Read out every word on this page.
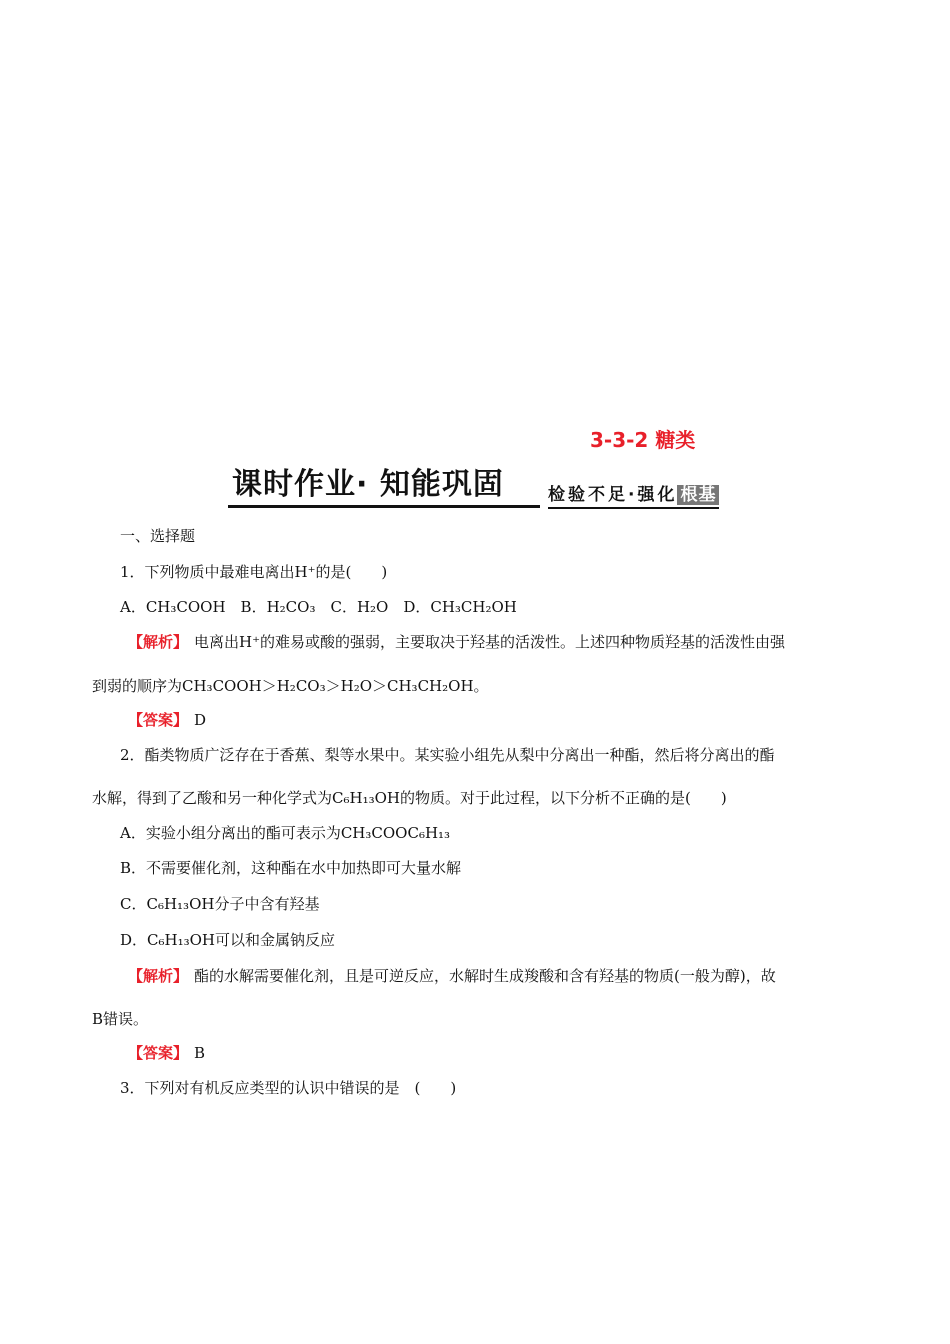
3-3-2 糖类
课时作业· 知能巩固	检验不足·强化 根基
一、选择题
1．下列物质中最难电离出H⁺的是(　　)
A．CH₃COOH　B．H₂CO₃　C．H₂O　D．CH₃CH₂OH
【解析】 电离出H⁺的难易或酸的强弱，主要取决于羟基的活泼性。上述四种物质羟基的活泼性由强
到弱的顺序为CH₃COOH＞H₂CO₃＞H₂O＞CH₃CH₂OH。
【答案】 D
2．酯类物质广泛存在于香蕉、梨等水果中。某实验小组先从梨中分离出一种酯，然后将分离出的酯
水解，得到了乙酸和另一种化学式为C₆H₁₃OH的物质。对于此过程，以下分析不正确的是(　　)
A．实验小组分离出的酯可表示为CH₃COOC₆H₁₃
B．不需要催化剂，这种酯在水中加热即可大量水解
C．C₆H₁₃OH分子中含有羟基
D．C₆H₁₃OH可以和金属钠反应
【解析】 酯的水解需要催化剂，且是可逆反应，水解时生成羧酸和含有羟基的物质(一般为醇)，故
B错误。
【答案】 B
3．下列对有机反应类型的认识中错误的是　(　　)
